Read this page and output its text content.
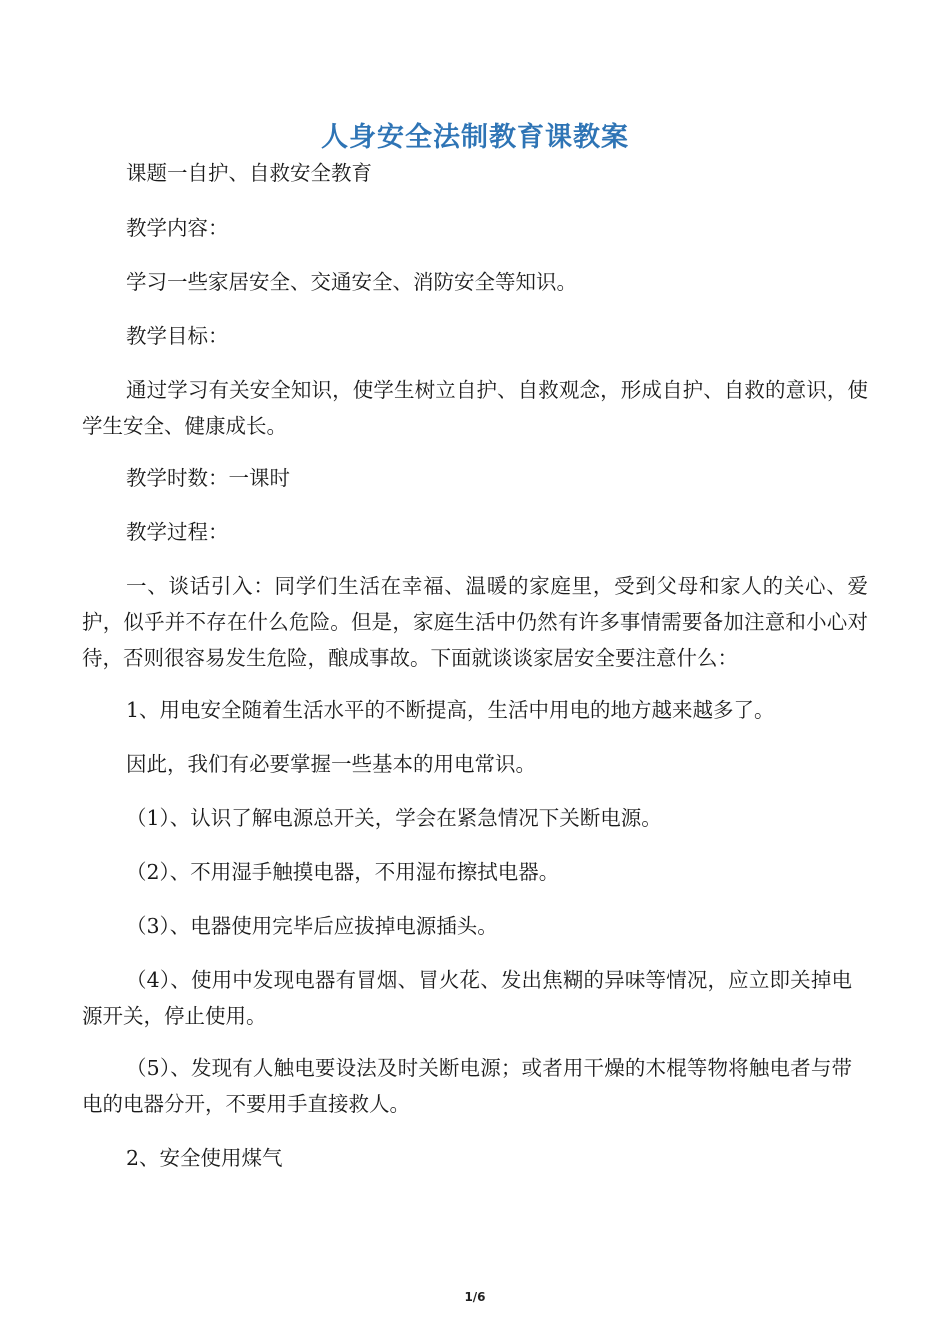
人身安全法制教育课教案

课题一自护、自救安全教育

教学内容：

学习一些家居安全、交通安全、消防安全等知识。

教学目标：

通过学习有关安全知识，使学生树立自护、自救观念，形成自护、自救的意识，使学生安全、健康成长。

教学时数：一课时

教学过程：

一、谈话引入：同学们生活在幸福、温暖的家庭里，受到父母和家人的关心、爱护，似乎并不存在什么危险。但是，家庭生活中仍然有许多事情需要备加注意和小心对待，否则很容易发生危险，酿成事故。下面就谈谈家居安全要注意什么：

1、用电安全随着生活水平的不断提高，生活中用电的地方越来越多了。

因此，我们有必要掌握一些基本的用电常识。

（1）、认识了解电源总开关，学会在紧急情况下关断电源。

（2）、不用湿手触摸电器，不用湿布擦拭电器。

（3）、电器使用完毕后应拔掉电源插头。

（4）、使用中发现电器有冒烟、冒火花、发出焦糊的异味等情况，应立即关掉电源开关，停止使用。

（5）、发现有人触电要设法及时关断电源；或者用干燥的木棍等物将触电者与带电的电器分开，不要用手直接救人。

2、安全使用煤气

1/6
